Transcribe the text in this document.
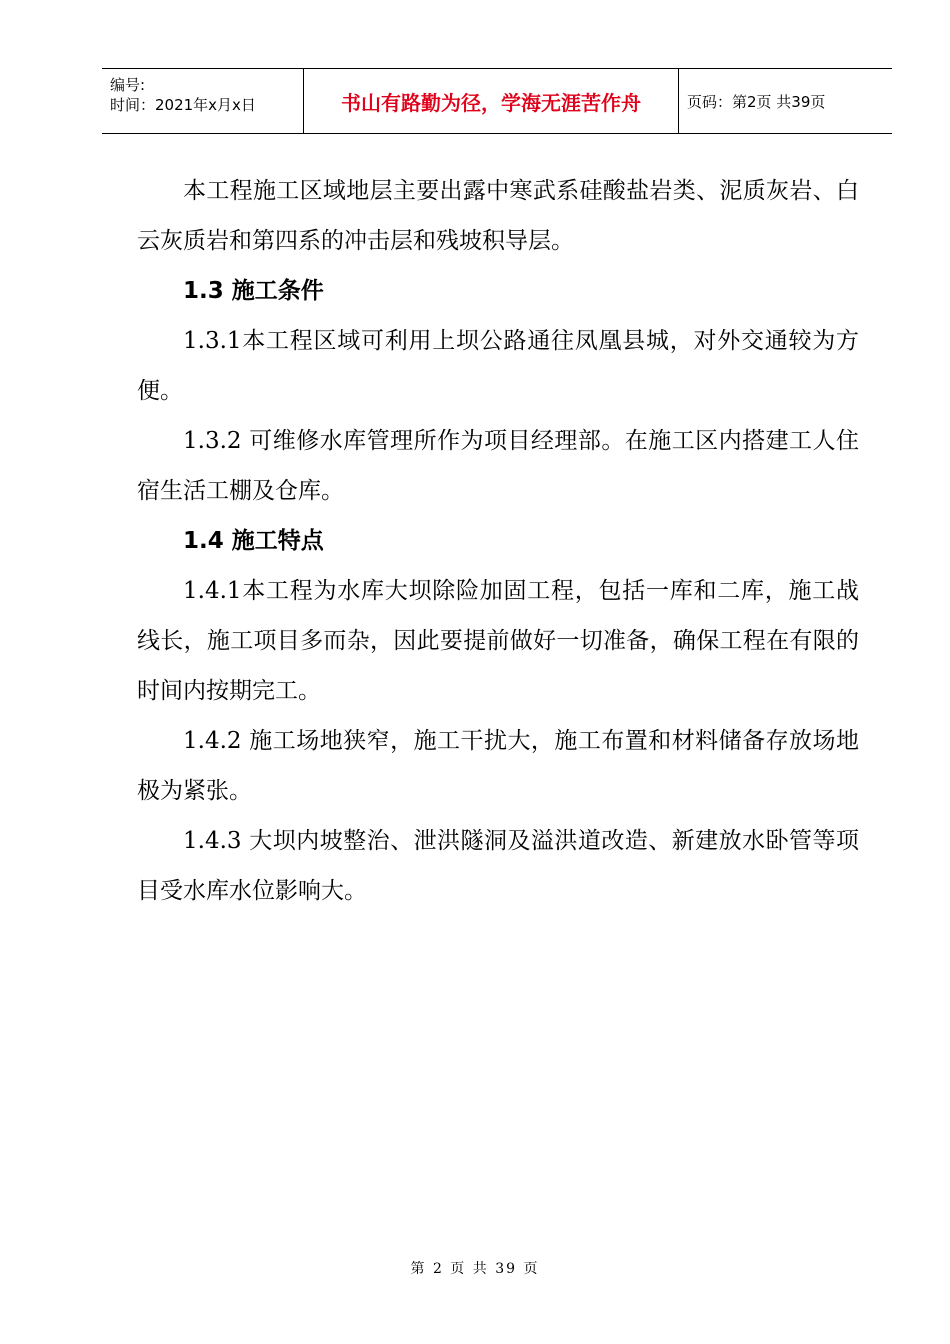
编号:
时间：2021年x月x日	书山有路勤为径，学海无涯苦作舟	页码：第2页 共39页

本工程施工区域地层主要出露中寒武系硅酸盐岩类、泥质灰岩、白云灰质岩和第四系的冲击层和残坡积导层。

1.3 施工条件

1.3.1本工程区域可利用上坝公路通往凤凰县城，对外交通较为方便。

1.3.2 可维修水库管理所作为项目经理部。在施工区内搭建工人住宿生活工棚及仓库。

1.4 施工特点

1.4.1本工程为水库大坝除险加固工程，包括一库和二库，施工战线长，施工项目多而杂，因此要提前做好一切准备，确保工程在有限的时间内按期完工。

1.4.2 施工场地狭窄，施工干扰大，施工布置和材料储备存放场地极为紧张。

1.4.3 大坝内坡整治、泄洪隧洞及溢洪道改造、新建放水卧管等项目受水库水位影响大。

第 2 页 共 39 页
